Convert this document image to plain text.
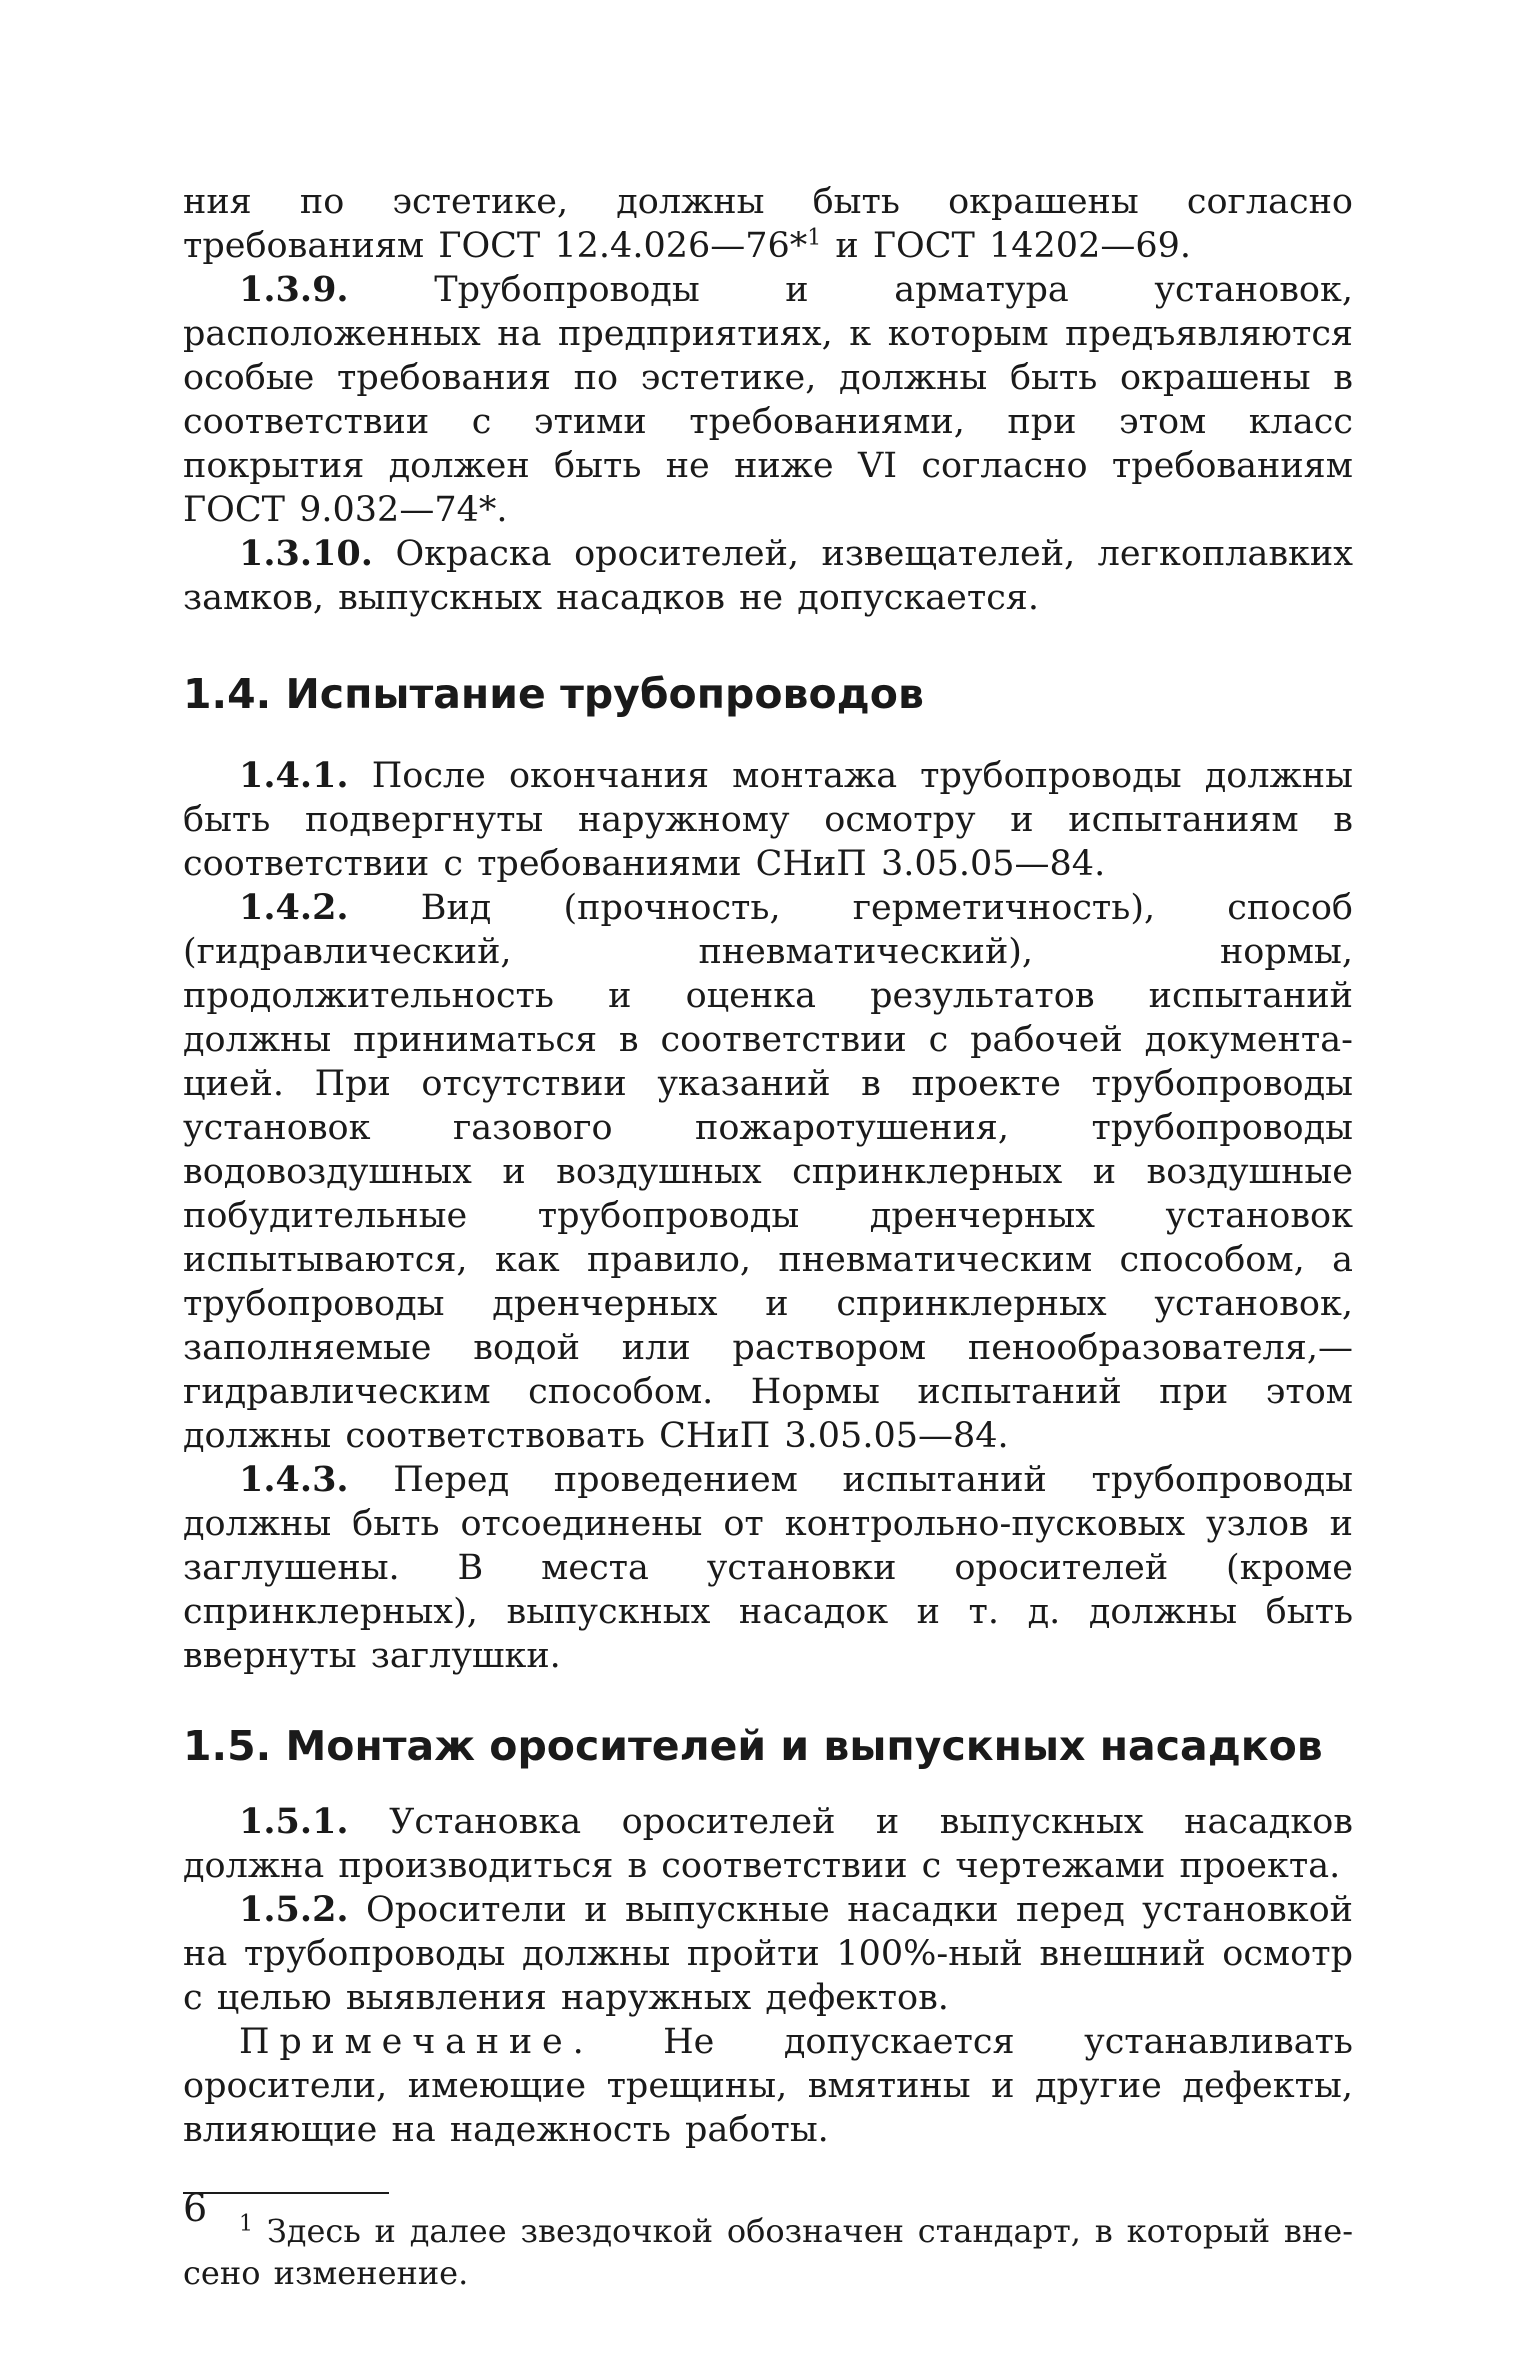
ния по эстетике, должны быть окрашены согласно требованиям ГОСТ 12.4.026—76*$^1$ и ГОСТ 14202—69.

1.3.9. Трубопроводы и арматура установок, расположенных на предприятиях, к которым предъявляются особые требования по эстетике, должны быть окрашены в соответствии с этими требованиями, при этом класс покрытия должен быть не ниже VI согласно требованиям ГОСТ 9.032—74*.

1.3.10. Окраска оросителей, извещателей, легкоплавких замков, выпускных насадков не допускается.

1.4. Испытание трубопроводов

1.4.1. После окончания монтажа трубопроводы должны быть подвергнуты наружному осмотру и испытаниям в соответствии с требованиями СНиП 3.05.05—84.

1.4.2. Вид (прочность, герметичность), способ (гидравлический, пневматический), нормы, продолжительность и оценка результатов испытаний должны приниматься в соответствии с рабочей документацией. При отсутствии указаний в проекте трубопроводы установок газового пожаротушения, трубопроводы водовоздушных и воздушных спринклерных и воздушные побудительные трубопроводы дренчерных установок испытываются, как правило, пневматическим способом, а трубопроводы дренчерных и спринклерных установок, заполняемые водой или раствором пенообразователя,— гидравлическим способом. Нормы испытаний при этом должны соответствовать СНиП 3.05.05—84.

1.4.3. Перед проведением испытаний трубопроводы должны быть отсоединены от контрольно-пусковых узлов и заглушены. В места установки оросителей (кроме спринклерных), выпускных насадок и т. д. должны быть ввернуты заглушки.

1.5. Монтаж оросителей и выпускных насадков

1.5.1. Установка оросителей и выпускных насадков должна производиться в соответствии с чертежами проекта.

1.5.2. Оросители и выпускные насадки перед установкой на трубопроводы должны пройти 100%-ный внешний осмотр с целью выявления наружных дефектов.

Примечание. Не допускается устанавливать оросители, имеющие трещины, вмятины и другие дефекты, влияющие на надежность работы.

$^1$ Здесь и далее звездочкой обозначен стандарт, в который внесено изменение.

6
